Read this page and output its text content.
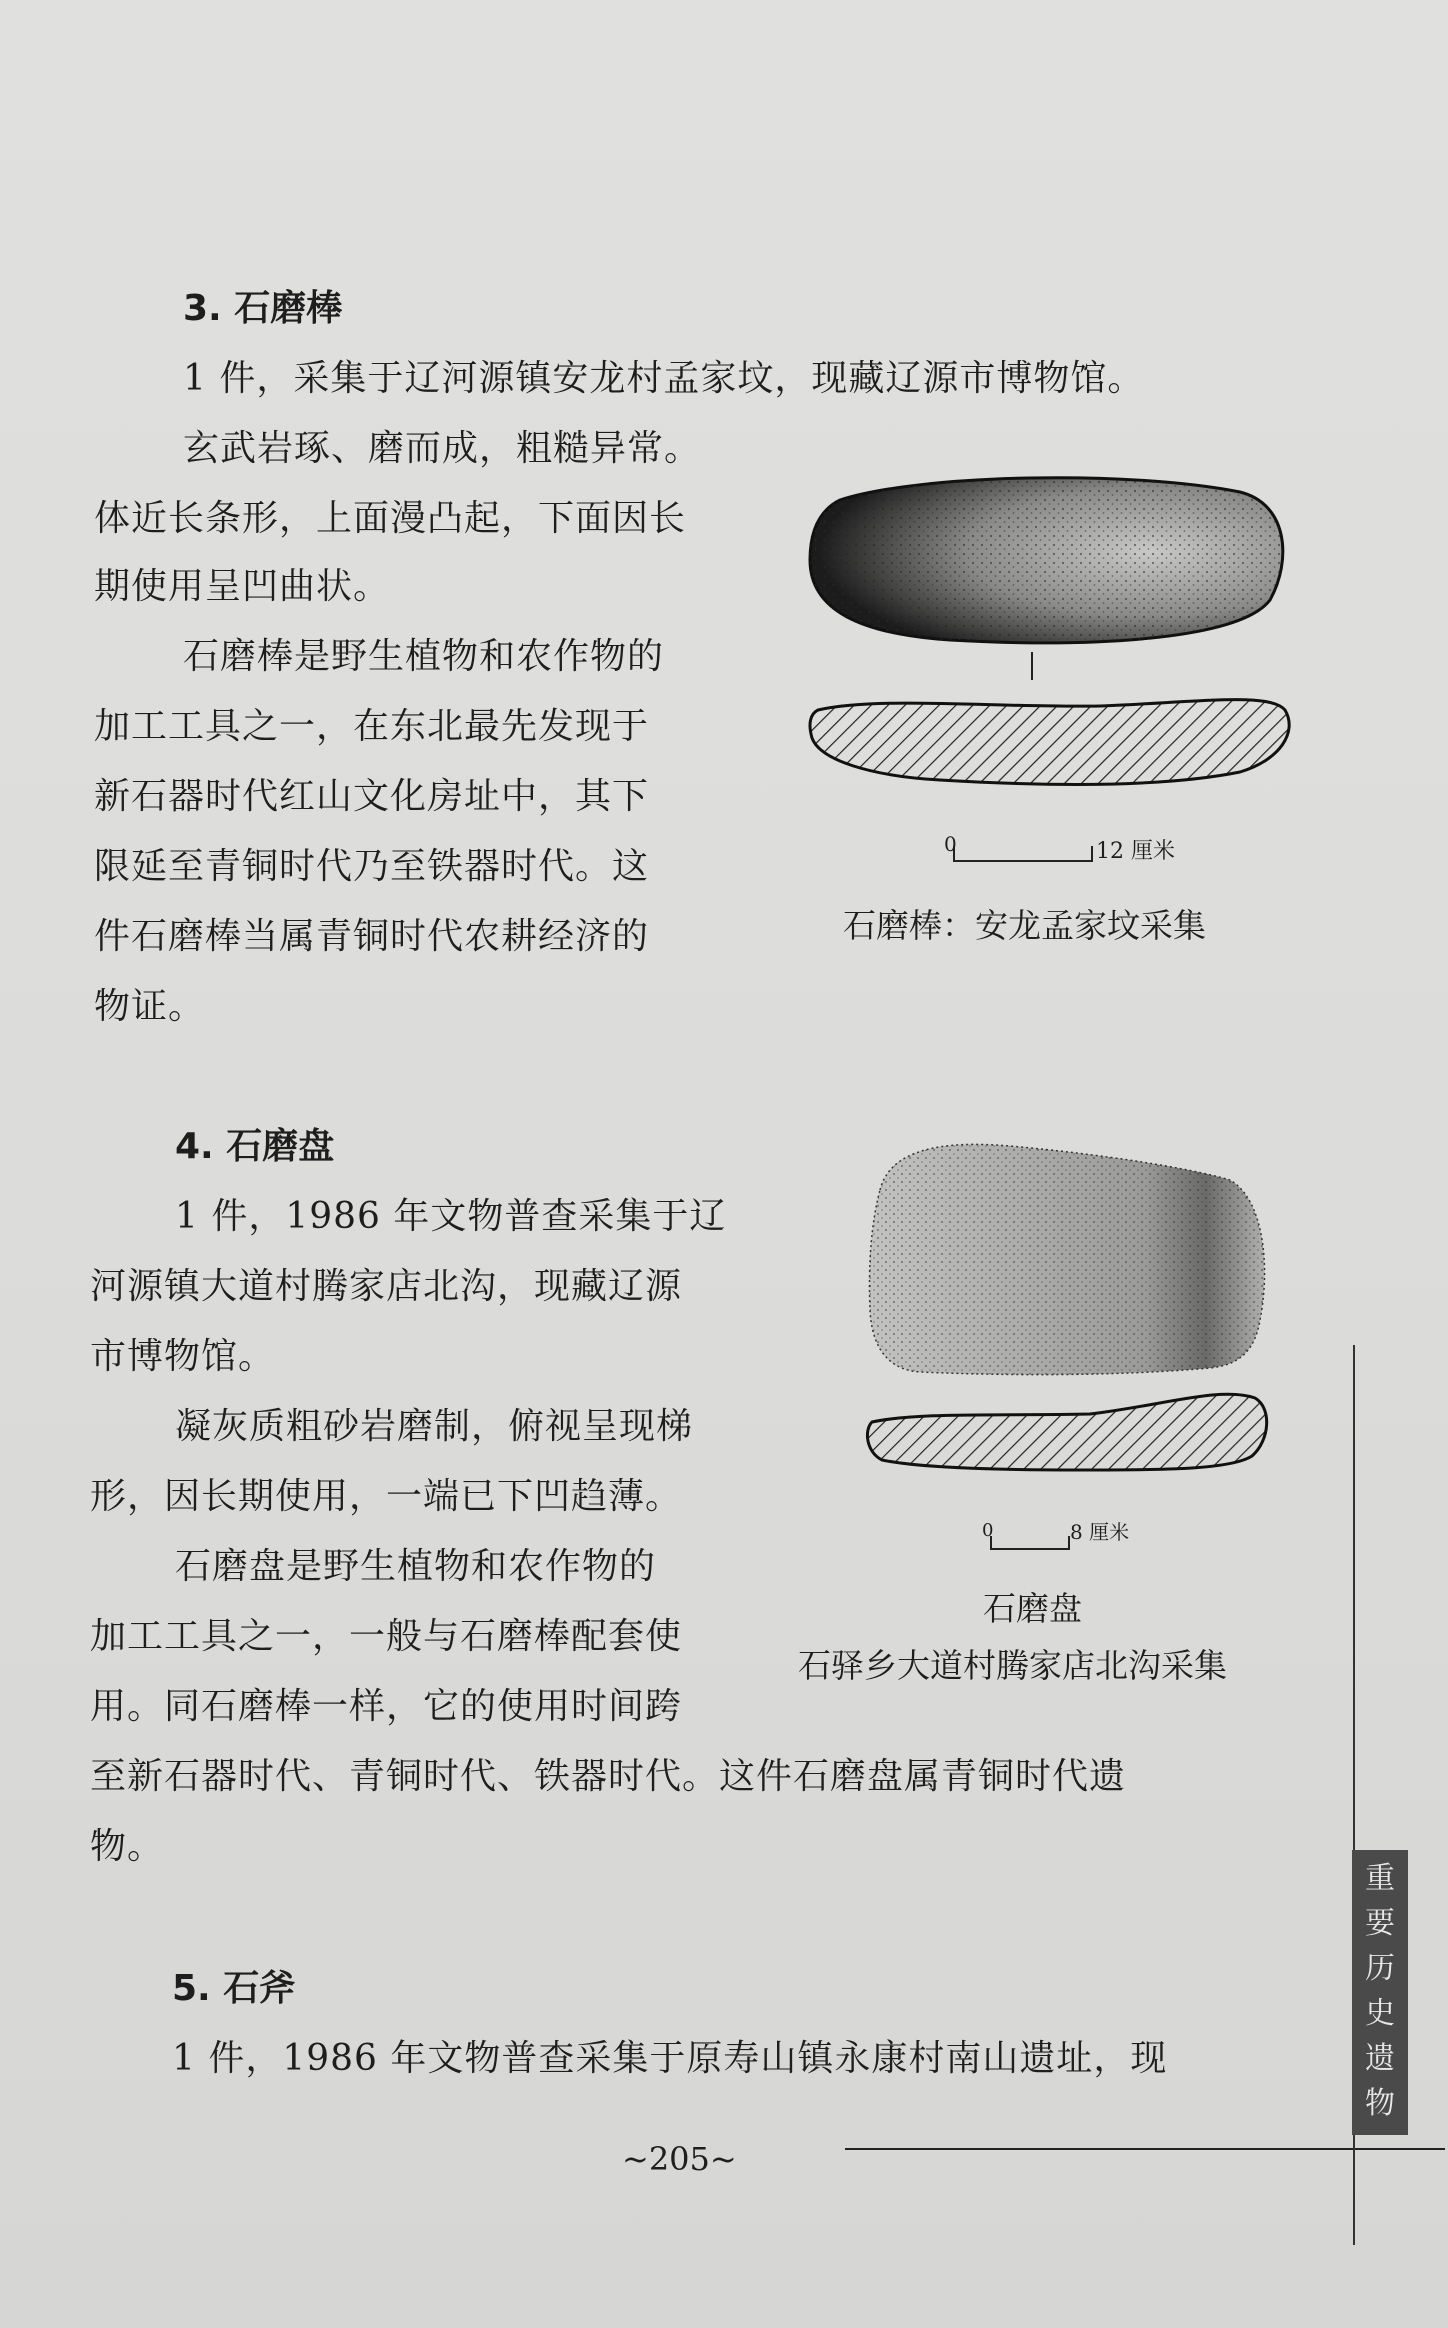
3. 石磨棒
1 件，采集于辽河源镇安龙村孟家坟，现藏辽源市博物馆。
玄武岩琢、磨而成，粗糙异常。
体近长条形，上面漫凸起，下面因长
期使用呈凹曲状。
石磨棒是野生植物和农作物的
加工工具之一，在东北最先发现于
新石器时代红山文化房址中，其下
限延至青铜时代乃至铁器时代。这
件石磨棒当属青铜时代农耕经济的
物证。
0	12 厘米
石磨棒：安龙孟家坟采集
4. 石磨盘
1 件，1986 年文物普查采集于辽
河源镇大道村腾家店北沟，现藏辽源
市博物馆。
凝灰质粗砂岩磨制，俯视呈现梯
形，因长期使用，一端已下凹趋薄。
石磨盘是野生植物和农作物的
加工工具之一，一般与石磨棒配套使
用。同石磨棒一样，它的使用时间跨
至新石器时代、青铜时代、铁器时代。这件石磨盘属青铜时代遗
物。
0	8 厘米
石磨盘
石驿乡大道村腾家店北沟采集
5. 石斧
1 件，1986 年文物普查采集于原寿山镇永康村南山遗址，现
~205~
重
要
历
史
遗
物
